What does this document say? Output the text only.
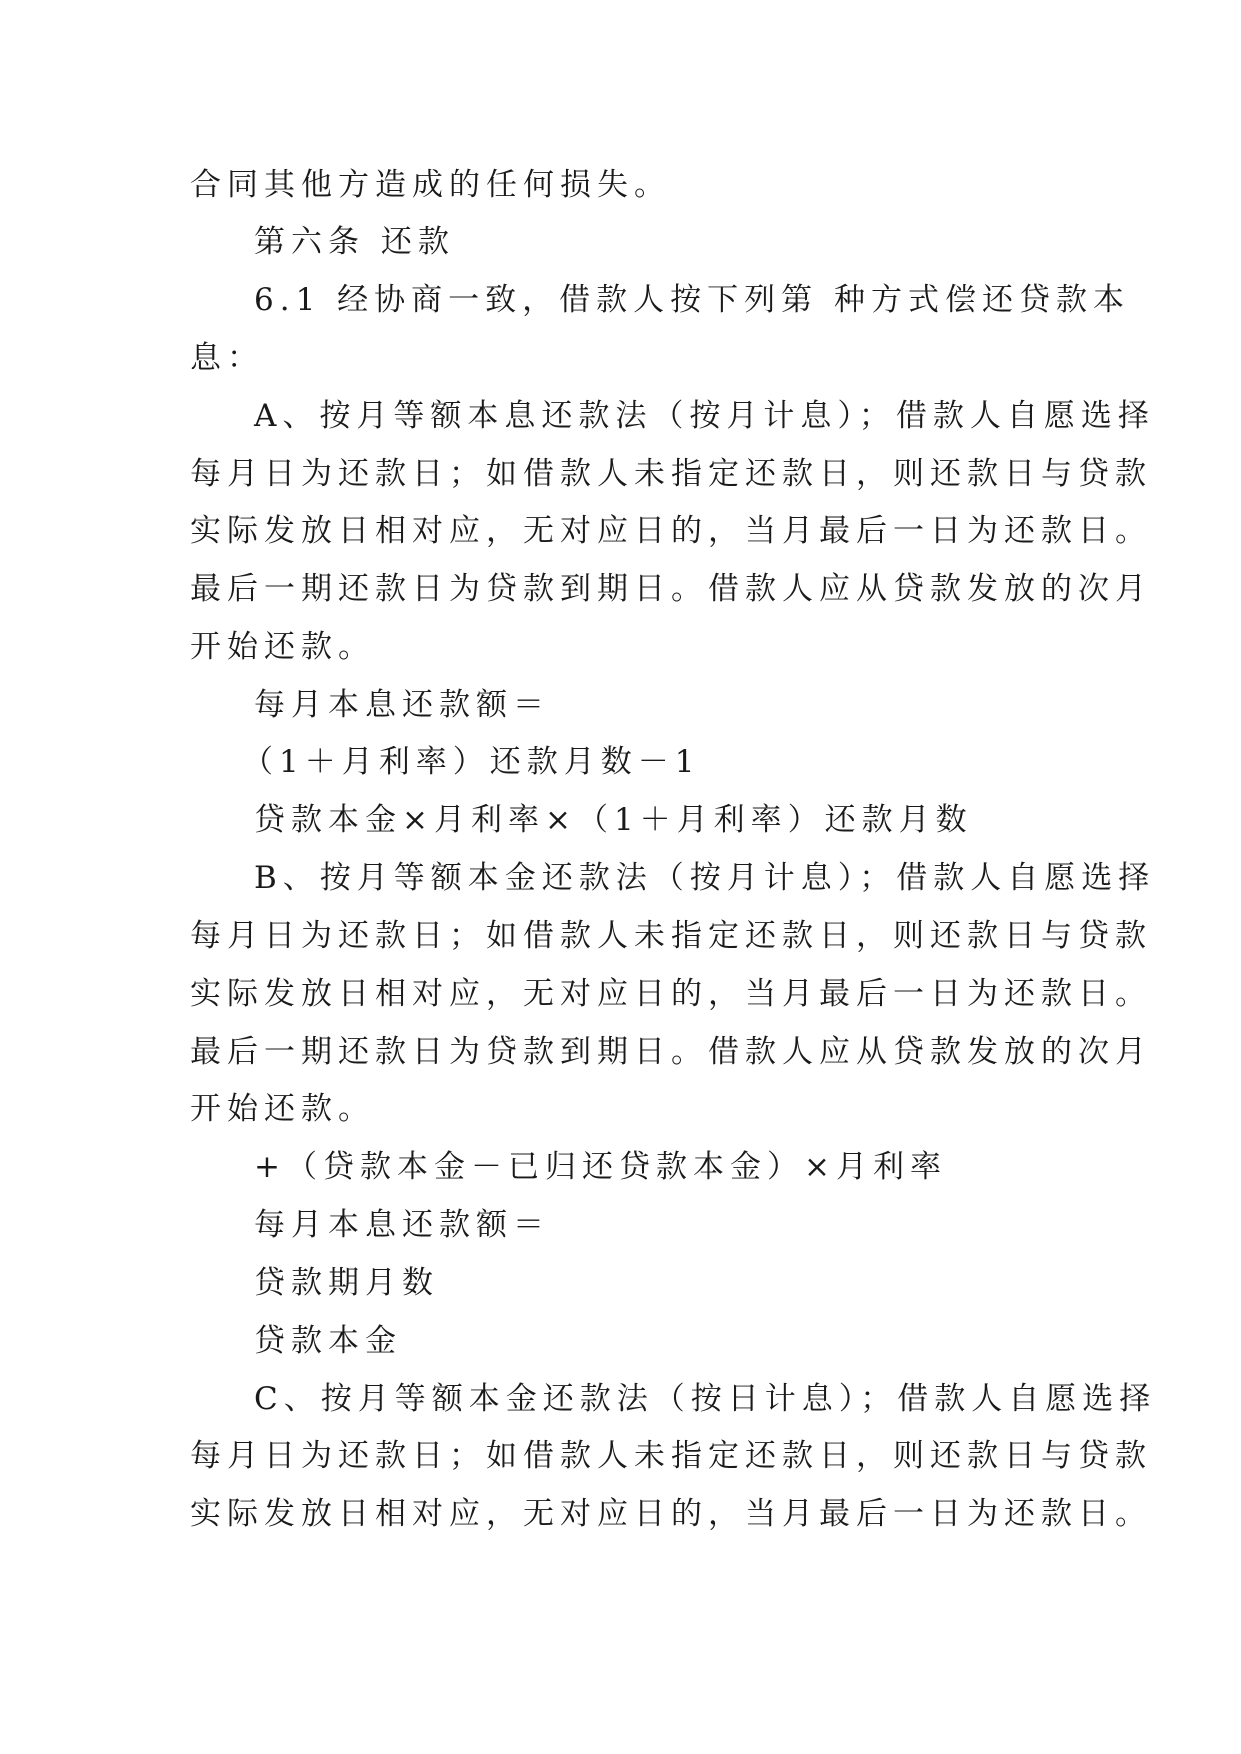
合同其他方造成的任何损失。
第六条 还款
6.1 经协商一致，借款人按下列第 种方式偿还贷款本
息：
A、按月等额本息还款法（按月计息）；借款人自愿选择
每月日为还款日；如借款人未指定还款日，则还款日与贷款
实际发放日相对应，无对应日的，当月最后一日为还款日。
最后一期还款日为贷款到期日。借款人应从贷款发放的次月
开始还款。
每月本息还款额＝
（1＋月利率）还款月数－1
贷款本金×月利率×（1＋月利率）还款月数
B、按月等额本金还款法（按月计息）；借款人自愿选择
每月日为还款日；如借款人未指定还款日，则还款日与贷款
实际发放日相对应，无对应日的，当月最后一日为还款日。
最后一期还款日为贷款到期日。借款人应从贷款发放的次月
开始还款。
+（贷款本金－已归还贷款本金）×月利率
每月本息还款额＝
贷款期月数
贷款本金
C、按月等额本金还款法（按日计息）；借款人自愿选择
每月日为还款日；如借款人未指定还款日，则还款日与贷款
实际发放日相对应，无对应日的，当月最后一日为还款日。
